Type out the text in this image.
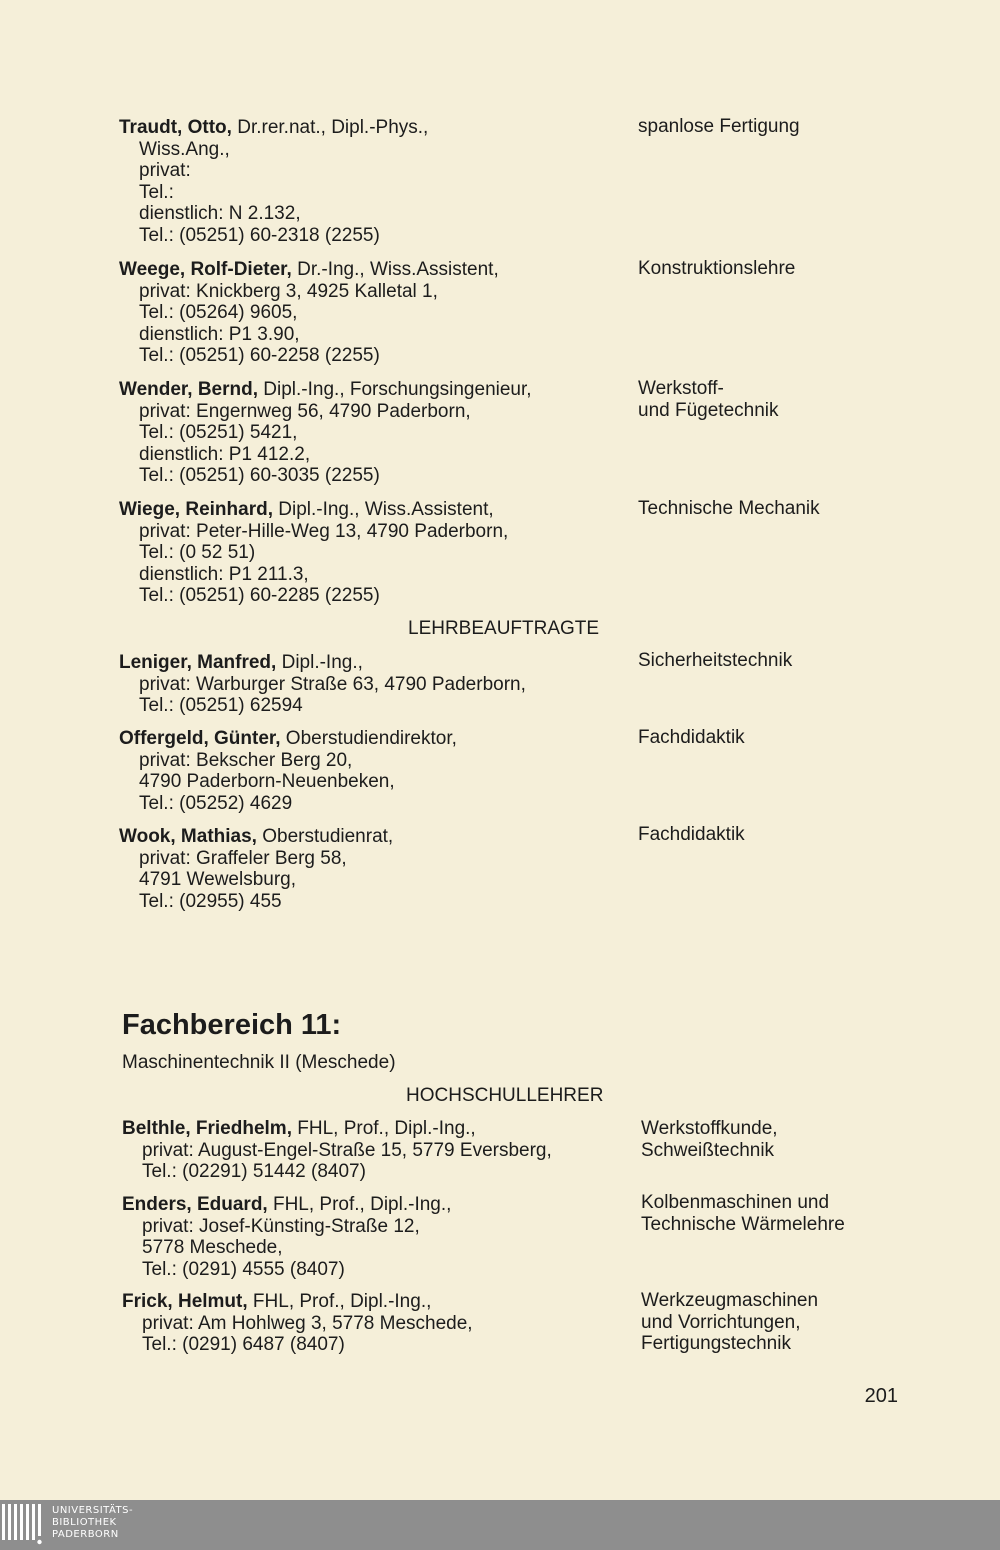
Traudt, Otto, Dr.rer.nat., Dipl.-Phys.,
Wiss.Ang.,
privat:
Tel.:
dienstlich: N 2.132,
Tel.: (05251) 60-2318 (2255)
spanlose Fertigung
Weege, Rolf-Dieter, Dr.-Ing., Wiss.Assistent,
privat: Knickberg 3, 4925 Kalletal 1,
Tel.: (05264) 9605,
dienstlich: P1 3.90,
Tel.: (05251) 60-2258 (2255)
Konstruktionslehre
Wender, Bernd, Dipl.-Ing., Forschungsingenieur,
privat: Engernweg 56, 4790 Paderborn,
Tel.: (05251) 5421,
dienstlich: P1 412.2,
Tel.: (05251) 60-3035 (2255)
Werkstoff-
und Fügetechnik
Wiege, Reinhard, Dipl.-Ing., Wiss.Assistent,
privat: Peter-Hille-Weg 13, 4790 Paderborn,
Tel.: (0 52 51)
dienstlich: P1 211.3,
Tel.: (05251) 60-2285 (2255)
Technische Mechanik
LEHRBEAUFTRAGTE
Leniger, Manfred, Dipl.-Ing.,
privat: Warburger Straße 63, 4790 Paderborn,
Tel.: (05251) 62594
Sicherheitstechnik
Offergeld, Günter, Oberstudiendirektor,
privat: Bekscher Berg 20,
4790 Paderborn-Neuenbeken,
Tel.: (05252) 4629
Fachdidaktik
Wook, Mathias, Oberstudienrat,
privat: Graffeler Berg 58,
4791 Wewelsburg,
Tel.: (02955) 455
Fachdidaktik
Fachbereich 11:
Maschinentechnik II (Meschede)
HOCHSCHULLEHRER
Belthle, Friedhelm, FHL, Prof., Dipl.-Ing.,
privat: August-Engel-Straße 15, 5779 Eversberg,
Tel.: (02291) 51442 (8407)
Werkstoffkunde,
Schweißtechnik
Enders, Eduard, FHL, Prof., Dipl.-Ing.,
privat: Josef-Künsting-Straße 12,
5778 Meschede,
Tel.: (0291) 4555 (8407)
Kolbenmaschinen und
Technische Wärmelehre
Frick, Helmut, FHL, Prof., Dipl.-Ing.,
privat: Am Hohlweg 3, 5778 Meschede,
Tel.: (0291) 6487 (8407)
Werkzeugmaschinen
und Vorrichtungen,
Fertigungstechnik
201
UNIVERSITÄTS-
BIBLIOTHEK
PADERBORN
